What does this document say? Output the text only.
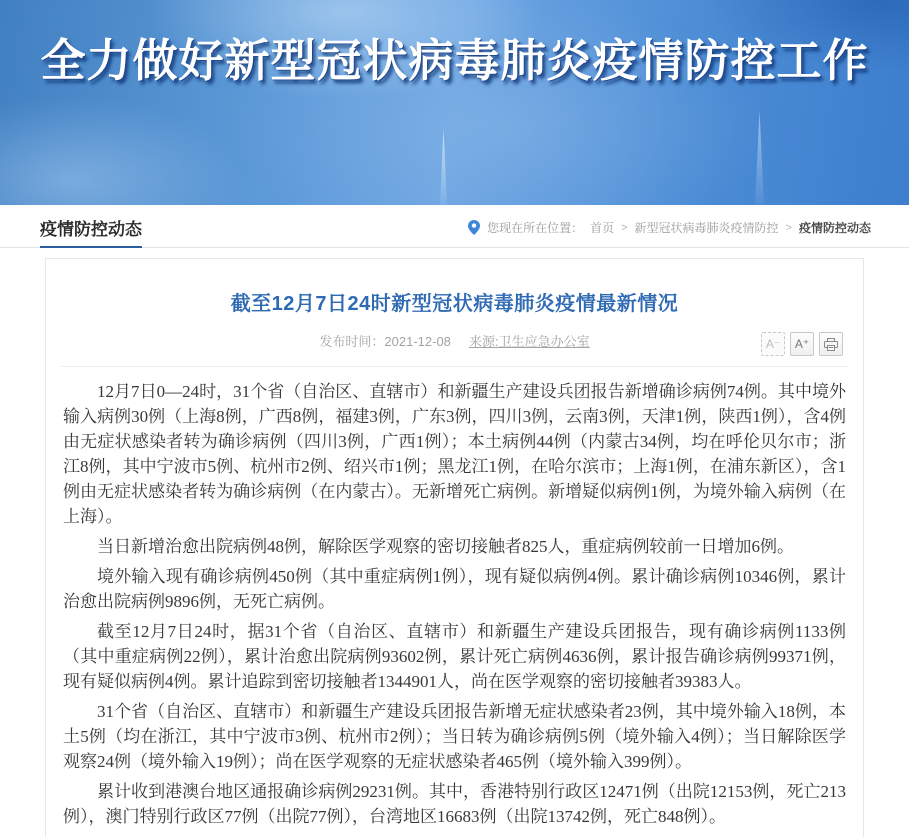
全力做好新型冠状病毒肺炎疫情防控工作
疫情防控动态	您现在所在位置： 首页 > 新型冠状病毒肺炎疫情防控 > 疫情防控动态
截至12月7日24时新型冠状病毒肺炎疫情最新情况
发布时间：2021-12-08 来源:卫生应急办公室	A⁻	A⁺

12月7日0—24时，31个省（自治区、直辖市）和新疆生产建设兵团报告新增确诊病例74例。其中境外输入病例30例（上海8例，广西8例，福建3例，广东3例，四川3例，云南3例，天津1例，陕西1例），含4例由无症状感染者转为确诊病例（四川3例，广西1例）；本土病例44例（内蒙古34例，均在呼伦贝尔市；浙江8例，其中宁波市5例、杭州市2例、绍兴市1例；黑龙江1例，在哈尔滨市；上海1例，在浦东新区），含1例由无症状感染者转为确诊病例（在内蒙古）。无新增死亡病例。新增疑似病例1例，为境外输入病例（在上海）。

当日新增治愈出院病例48例，解除医学观察的密切接触者825人，重症病例较前一日增加6例。

境外输入现有确诊病例450例（其中重症病例1例），现有疑似病例4例。累计确诊病例10346例，累计治愈出院病例9896例，无死亡病例。

截至12月7日24时，据31个省（自治区、直辖市）和新疆生产建设兵团报告，现有确诊病例1133例（其中重症病例22例），累计治愈出院病例93602例，累计死亡病例4636例，累计报告确诊病例99371例，现有疑似病例4例。累计追踪到密切接触者1344901人，尚在医学观察的密切接触者39383人。

31个省（自治区、直辖市）和新疆生产建设兵团报告新增无症状感染者23例，其中境外输入18例，本土5例（均在浙江，其中宁波市3例、杭州市2例）；当日转为确诊病例5例（境外输入4例）；当日解除医学观察24例（境外输入19例）；尚在医学观察的无症状感染者465例（境外输入399例）。

累计收到港澳台地区通报确诊病例29231例。其中，香港特别行政区12471例（出院12153例，死亡213例），澳门特别行政区77例（出院77例），台湾地区16683例（出院13742例，死亡848例）。
